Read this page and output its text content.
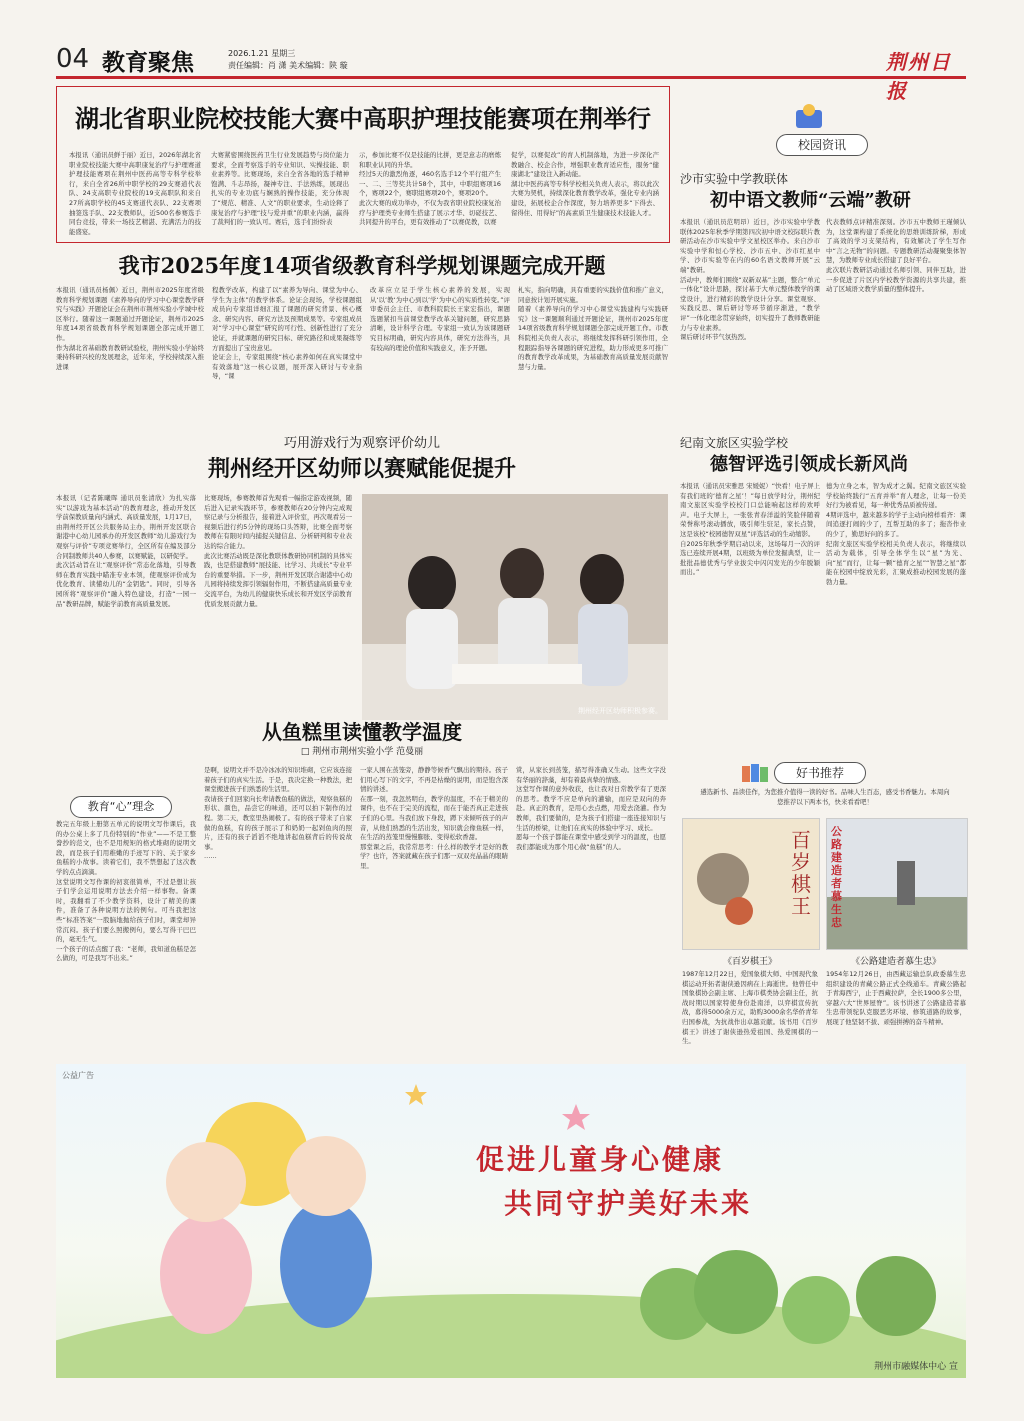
04 教育聚焦	2026.1.21 星期三
责任编辑：肖 潇 美术编辑：陕 璇	荆州日报
湖北省职业院校技能大赛中高职护理技能赛项在荆举行
本报讯（通讯员鲜于丽）近日，2026年湖北省职业院校技能大赛中高职康复治疗与护理赛道护理技能赛项在荆州中医药高等专科学校举行，来自全省26所中职学校的29支赛道代表队、24支高职专业院校的19支高职队和来自27所高职学校的45支赛道代表队、22支赛项抽签选手队、22支教师队，近500名参赛选手同台竞技，带来一场技艺精湛、充满活力的技能盛宴。
大赛紧密围绕医药卫生行业发展趋势与岗位能力要求，全面考察选手的专业知识、实操技能、职业素养等。比赛现场，来自全省各地的选手精神饱满、斗志昂扬，凝神专注、手法熟练，展现出扎实的专业功底与娴熟的操作技能，充分体现了“规范、精准、人文”的职业要求，生动诠释了康复治疗与护理“技与爱并重”的职业内涵，赢得了裁判们的一致认可。赛后，选手们纷纷表
示，参加比赛不仅是技能的比拼，更是意志的磨炼和职业认同的升华。
经过5天的激烈角逐，460名选手12个平行组产生一、二、三等奖共计58个，其中，中职组赛项16个，赛项22个，赛职组赛项20个，赛项20个。
此次大赛的成功举办，不仅为我省职业院校康复治疗与护理类专业师生搭建了展示才华、切磋技艺、共同提升的平台，更有效推动了“以赛促教，以赛
促学，以赛促改”的育人机制落地，为进一步深化产教融合、校企合作，增强职业教育适应性，服务“健康湖北”建设注入新动能。
湖北中医药高等专科学校相关负责人表示，将以此次大赛为契机，持续深化教育教学改革，强化专业内涵建设，拓展校企合作深度，努力培养更多“下得去、留得住、用得好”的高素质卫生健康技术技能人才。
我市2025年度14项省级教育科学规划课题完成开题
本报讯（通讯员杨佩）近日，荆州市2025年度省级教育科学规划课题《素养导向的学习中心课堂教学研究与实践》开题论证会在荆州市荆州实验小学城中校区举行。随着这一课题通过开题论证，荆州市2025年度14项省级教育科学规划课题全部完成开题工作。
作为湖北省基础教育教研试验校，荆州实验小学始终秉持科研兴校的发展理念，近年来，学校持续深入推进课
程教学改革，构建了以“素养为导向、课堂为中心、学生为主体”的教学体系。论证会现场，学校课题组成员向专家组详细汇报了课题的研究背景、核心概念、研究内容、研究方法及预期成果等。专家组成员对“学习中心课堂”研究的可行性、创新性进行了充分论证，并就课题的研究目标、研究路径和成果凝练等方面提出了宝贵意见。
论证会上，专家组围绕“核心素养如何在真实课堂中有效落地”这一核心议题，展开深入研讨与专业指导，“课
改革应立足于学生核心素养的发展，实现从‘以’教‘为中心到以’学‘为中心的实质性转变。”评审委员会主任、市教科院院长王家宏指出，课题选题紧扣当前课堂教学改革关键问题，研究思路清晰，设计科学合理。专家组一致认为该课题研究目标明确，研究内容具体，研究方法得当，具有较高的理论价值和实践意义，准予开题。
札实，指向明确，具有重要的实践价值和推广意义，同意按计划开展实施。
随着《素养导向的学习中心课堂实践建构与实践研究》这一课题顺利通过开题论证，荆州市2025年度14项省级教育科学规划课题全部完成开题工作。市教科院相关负责人表示，将继续发挥科研引领作用，全程跟踪指导各课题的研究进程，助力形成更多可推广的教育教学改革成果，为基础教育高质量发展贡献智慧与力量。
巧用游戏行为观察评价幼儿
荆州经开区幼师以赛赋能促提升
本报讯（记者陈曦晖 通讯员张清欣）为扎实落实“以游戏为基本活动”的教育理念，推动开发区学前保教质量向内涵式、高质量发展，1月17日，由荆州经开区公共服务局主办，荆州开发区联合谢港中心幼儿园承办的开发区教师“幼儿游戏行为观察与评价”专项竞赛举行，全区所有在编及部分合同制教师共40人参赛，以赛赋能，以研促学。
此次活动旨在让“观察评价”常态化落地，引导教师在教育实践中瞄准专业本领，使观察评价成为优化教育、读懂幼儿的“金钥匙”。同时，引导各园所将“观察评价”融入特色建设，打造“一园一品”教研品牌，赋能学前教育高质量发展。
比赛现场，参赛教师首先观看一幅指定游戏视频，随后进入记录实践环节，参赛教师在20分钟内完成观察记录与分析报告，接着进入评价室，再次观看另一视频后进行约5分钟的现场口头答辩，比赛全面考察教师在有限时间内捕捉关键信息、分析研判和专业表达的综合能力。
此次比赛活动既是深化教联体教研协同机制的具体实践，也是搭建教师“展技能、比学习、共成长”专业平台的重要举措。下一步，荆州开发区联合谢港中心幼儿园将持续发挥引领辐射作用，不断搭建高质量专业交流平台，为幼儿的健康快乐成长和开发区学前教育优质发展贡献力量。
荆州经开区幼师积极参赛。
校园资讯
沙市实验中学教联体
初中语文教师“云端”教研
本报讯（通讯员范明昂）近日，沙市实验中学教联体2025年秋季学期第四次初中语文校际联片教研活动在沙市实验中学文星校区举办。来自沙市实验中学和恒心学校、沙市五中、沙市红星中学、沙市实验等在内的60名语文教师开展“云端”教研。
活动中，教师们围绕“双新双基”主题，整合“单元一体化”设计思路，探讨基于大单元整体教学的课堂设计，进行精彩的教学设计分享。课堂观察、实践反思、课后研讨等环节循序渐进，“教学评”一体化理念贯穿始终，切实提升了教师教研能力与专业素养。
课后研讨环节气氛热烈。
代表教师点评精准深刻。沙市五中教师王瑾倾认为，这堂课构建了系统化的思维训练阶梯，形成了高效的学习支架结构，有效解决了学生写作中“言之无物”的问题。专题教研活动凝聚集体智慧，为教师专业成长搭建了良好平台。
此次联片教研活动通过名师引领、同伴互助，进一步促进了片区内学校教学资源的共享共建，推动了区域语文教学质量的整体提升。
纪南文旅区实验学校
德智评选引领成长新风尚
本报讯（通讯员宋雅思 宋媛妮）“快看！电子屏上有我们班的‘德育之星’！”每日放学时分，荆州纪南文旅区实验学校校门口总能响起这样的欢呼声。电子大屏上，一张张青春洋溢的笑脸伴随着荣誉称号滚动播放，吸引师生驻足，家长点赞，这是该校“校园德智双星”评选活动的生动缩影。
自2025年秋季学期启动以来，这场每月一次的评选已连续开展4期，以班级为单位发掘典型，让一批批品德优秀与学业拔尖中闪闪发光的少年脱颖而出。”
德为立身之本，智为成才之翼。纪南文旅区实验学校始终践行“五育并举”育人理念，让每一份美好行为被看见，每一种优秀品质被传递。
4期评选中，越来越多的学子主动向榜样看齐：课间追逐打闹的少了，互帮互助的多了；拖沓作业的少了，勤思好问的多了。
纪南文旅区实验学校相关负责人表示，将继续以活动为载体，引导全体学生以“星”为光、向“星”而行，让每一颗“德育之星”“智慧之星”都能在校园中绽放光彩，汇聚成推动校园发展的蓬勃力量。
从鱼糕里读懂教学温度
□ 荆州市荆州实验小学 范曼丽
教育“心”理念
教完五年级上册第五单元的说明文写作课后，我的办公桌上多了几份特别的“作业”——不是工整誊抄的范文，也不是用规矩的格式堆砌的说明文段，而是孩子们用稚嫩的手迹写下的、关于家乡鱼糕的小故事。读着它们，我不禁想起了这次教学的点点滴滴。
这堂说明文写作课的初衷很简单，不过是想让孩子们学会运用说明方法去介绍一样事物。备课时，我翻看了不少教学资料，设计了精美的课件，准备了各种说明方法的例句。可当我把这些“标准答案”一股脑地抛给孩子们时，课堂却异常沉闷。孩子们要么照搬例句，要么写得干巴巴的，毫无生气。
一个孩子的话点醒了我：“老师，我知道鱼糕是怎么做的，可是我写不出来。”
是啊，说明文并不是冷冰冰的知识堆砌，它应该连接着孩子们的真实生活。于是，我决定换一种教法，把课堂搬进孩子们熟悉的生活里。
我请孩子们回家向长辈请教鱼糕的做法，观察鱼糕的形状、颜色，品尝它的味道，还可以拍下制作的过程。第二天，教室里热闹极了。有的孩子带来了自家做的鱼糕，有的孩子展示了和奶奶一起剁鱼肉的照片，还有的孩子滔滔不绝地讲起鱼糕背后的传说故事。
……
一家人围在蒸笼旁，静静等候香气飘出的期待。孩子们用心写下的文字，不再是枯燥的说明，而是饱含深情的讲述。
在那一刻，我忽然明白，教学的温度，不在于精美的课件，也不在于完美的流程，而在于能否真正走进孩子们的心里。当我们放下身段，蹲下来倾听孩子的声音，从他们熟悉的生活出发，知识就会像鱼糕一样，在生活的蒸笼里慢慢膨胀、变得松软香甜。
那堂课之后，我常常思考：什么样的教学才是好的教学？也许，答案就藏在孩子们那一双双亮晶晶的眼睛里。
赏，从家长到蒸笼，描写得准确又生动。这些文字没有华丽的辞藻，却有着最真挚的情感。
这堂写作课的意外收获，也让我对日常教学有了更深的思考。教学不应是单向的灌输，而应是双向的奔赴。真正的教育，是用心去点燃，用爱去浇灌。作为教师，我们要做的，是为孩子们搭建一座连接知识与生活的桥梁，让他们在真实的体验中学习、成长。
愿每一个孩子都能在课堂中感受到学习的温度，也愿我们都能成为那个用心做“鱼糕”的人。
好书推荐
遴选新书、品读佳作，为您推介值得一读的好书。品味人生百态，感受书香魅力。本周向您推荐以下两本书，快来看看吧！
百岁棋王
《百岁棋王》
1987年12月22日，爱国象棋大师、中国现代象棋运动开拓者谢侠逊因病在上海逝世。他曾任中国象棋协会副主席、上海市棋类协会副主任，抗战时期以国家特使身份赴南洋，以弈棋宣传抗战，募得5000余万元，助购3000余名华侨青年归国参战，为抗战作出卓越贡献。该书用《百岁棋王》讲述了谢侠逊热爱祖国、热爱围棋的一生。
公路建造者慕生忠
《公路建造者慕生忠》
1954年12月26日，由西藏运输总队政委慕生忠组织建设的青藏公路正式全线通车。青藏公路起于青海西宁，止于西藏拉萨，全长1900多公里，穿越六大“世界屋脊”。该书讲述了公路建造者慕生忠带领驼队克服恶劣环境、修筑道路的故事，展现了他坚韧不拔、顽强拼搏的奋斗精神。
公益广告
促进儿童身心健康
共同守护美好未来
荆州市融媒体中心 宣
